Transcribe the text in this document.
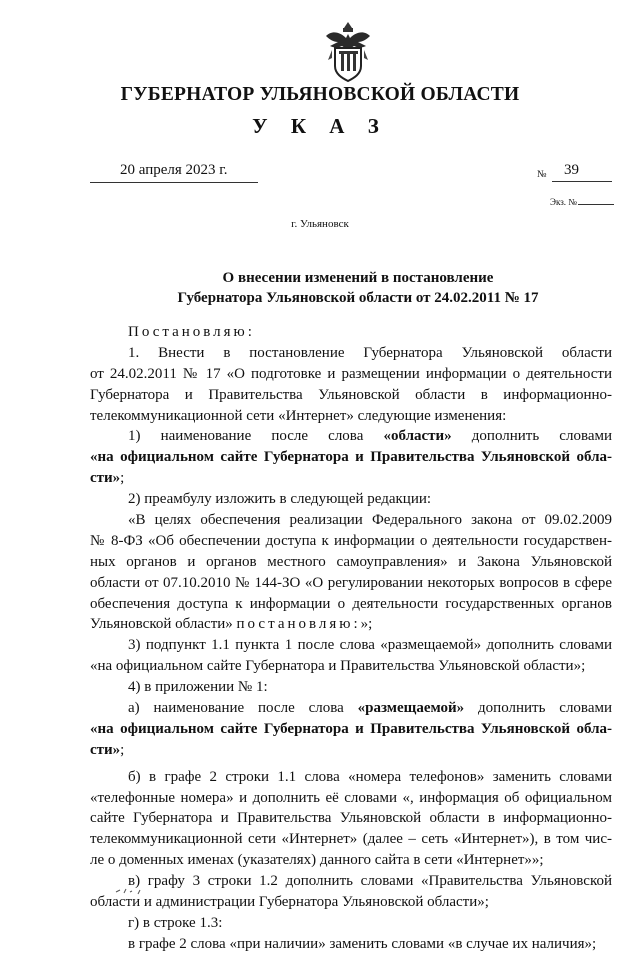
ГУБЕРНАТОР УЛЬЯНОВСКОЙ ОБЛАСТИ
У К А З
20 апреля 2023 г.	№ 39
Экз. №
г. Ульяновск
О внесении изменений в постановление
Губернатора Ульяновской области от 24.02.2011 № 17
Постановляю:
1. Внести в постановление Губернатора Ульяновской области
от 24.02.2011 № 17 «О подготовке и размещении информации о деятельности
Губернатора и Правительства Ульяновской области в информационно-
телекоммуникационной сети «Интернет» следующие изменения:
1) наименование после слова «области» дополнить словами
«на официальном сайте Губернатора и Правительства Ульяновской обла-
сти»;
2) преамбулу изложить в следующей редакции:
«В целях обеспечения реализации Федерального закона от 09.02.2009
№ 8-ФЗ «Об обеспечении доступа к информации о деятельности государствен-
ных органов и органов местного самоуправления» и Закона Ульяновской
области от 07.10.2010 № 144-ЗО «О регулировании некоторых вопросов в сфере
обеспечения доступа к информации о деятельности государственных органов
Ульяновской области» постановляю:»;
3) подпункт 1.1 пункта 1 после слова «размещаемой» дополнить словами
«на официальном сайте Губернатора и Правительства Ульяновской области»;
4) в приложении № 1:
а) наименование после слова «размещаемой» дополнить словами
«на официальном сайте Губернатора и Правительства Ульяновской обла-
сти»;
б) в графе 2 строки 1.1 слова «номера телефонов» заменить словами
«телефонные номера» и дополнить её словами «, информация об официальном
сайте Губернатора и Правительства Ульяновской области в информационно-
телекоммуникационной сети «Интернет» (далее – сеть «Интернет»), в том чис-
ле о доменных именах (указателях) данного сайта в сети «Интернет»»;
в) графу 3 строки 1.2 дополнить словами «Правительства Ульяновской
области и администрации Губернатора Ульяновской области»;
г) в строке 1.3:
в графе 2 слова «при наличии» заменить словами «в случае их наличия»;
